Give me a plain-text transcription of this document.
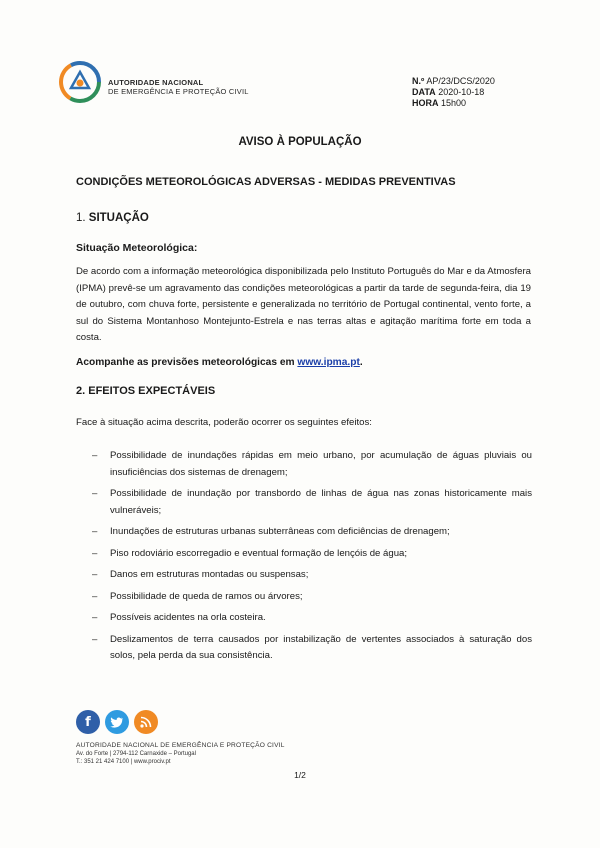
AUTORIDADE NACIONAL
DE EMERGÊNCIA E PROTEÇÃO CIVIL
N.º AP/23/DCS/2020
DATA 2020-10-18
HORA 15h00
AVISO À POPULAÇÃO
CONDIÇÕES METEOROLÓGICAS ADVERSAS - MEDIDAS PREVENTIVAS
1. SITUAÇÃO
Situação Meteorológica:
De acordo com a informação meteorológica disponibilizada pelo Instituto Português do Mar e da Atmosfera (IPMA) prevê-se um agravamento das condições meteorológicas a partir da tarde de segunda-feira, dia 19 de outubro, com chuva forte, persistente e generalizada no território de Portugal continental, vento forte, a sul do Sistema Montanhoso Montejunto-Estrela e nas terras altas e agitação marítima forte em toda a costa.
Acompanhe as previsões meteorológicas em www.ipma.pt.
2. EFEITOS EXPECTÁVEIS
Face à situação acima descrita, poderão ocorrer os seguintes efeitos:
– Possibilidade de inundações rápidas em meio urbano, por acumulação de águas pluviais ou insuficiências dos sistemas de drenagem;
– Possibilidade de inundação por transbordo de linhas de água nas zonas historicamente mais vulneráveis;
– Inundações de estruturas urbanas subterrâneas com deficiências de drenagem;
– Piso rodoviário escorregadio e eventual formação de lençóis de água;
– Danos em estruturas montadas ou suspensas;
– Possibilidade de queda de ramos ou árvores;
– Possíveis acidentes na orla costeira.
– Deslizamentos de terra causados por instabilização de vertentes associados à saturação dos solos, pela perda da sua consistência.
f
AUTORIDADE NACIONAL DE EMERGÊNCIA E PROTEÇÃO CIVIL
Av. do Forte | 2794-112 Carnaxide – Portugal
T.: 351 21 424 7100 | www.prociv.pt
1/2
